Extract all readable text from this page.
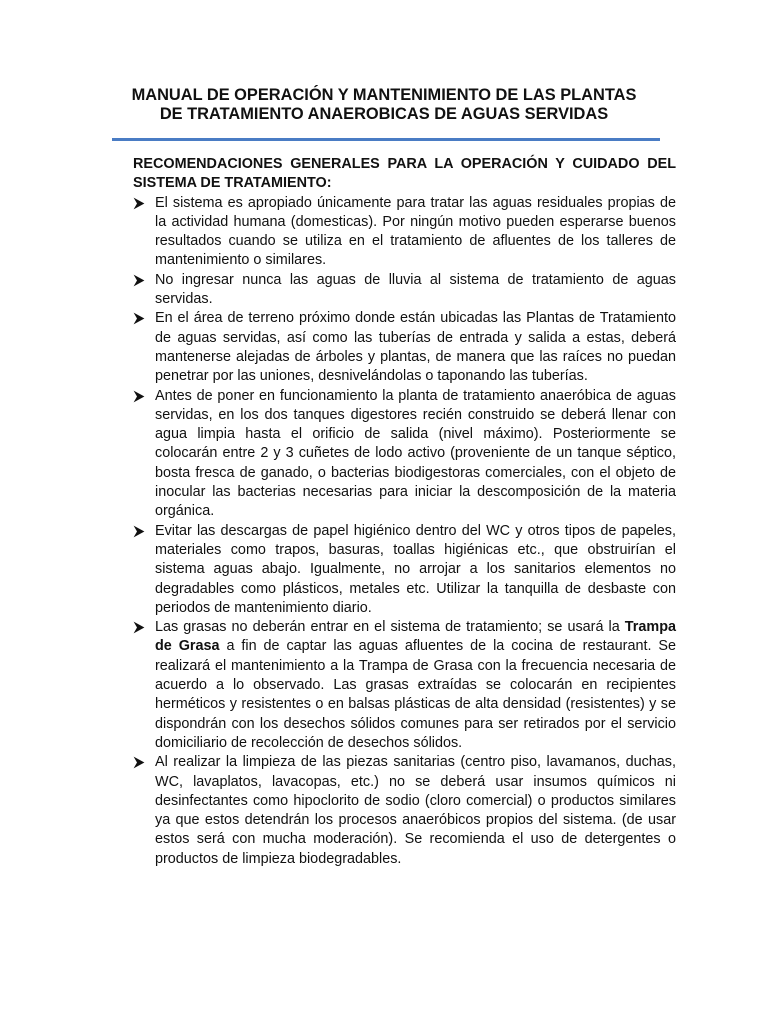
MANUAL DE OPERACIÓN Y MANTENIMIENTO DE LAS PLANTAS
DE TRATAMIENTO ANAEROBICAS DE AGUAS SERVIDAS

RECOMENDACIONES GENERALES PARA LA OPERACIÓN Y CUIDADO DEL SISTEMA DE TRATAMIENTO:

El sistema es apropiado únicamente para tratar las aguas residuales propias de la actividad humana (domesticas). Por ningún motivo pueden esperarse buenos resultados cuando se utiliza en el tratamiento de afluentes de los talleres de mantenimiento o similares.
No ingresar nunca las aguas de lluvia al sistema de tratamiento de aguas servidas.
En el área de terreno próximo donde están ubicadas las Plantas de Tratamiento de aguas servidas, así como las tuberías de entrada y salida a estas, deberá mantenerse alejadas de árboles y plantas, de manera que las raíces no puedan penetrar por las uniones, desnivelándolas o taponando las tuberías.
Antes de poner en funcionamiento la planta de tratamiento anaeróbica de aguas servidas, en los dos tanques digestores recién construido se deberá llenar con agua limpia hasta el orificio de salida (nivel máximo). Posteriormente se colocarán entre 2 y 3 cuñetes de lodo activo (proveniente de un tanque séptico, bosta fresca de ganado, o bacterias biodigestoras comerciales, con el objeto de inocular las bacterias necesarias para iniciar la descomposición de la materia orgánica.
Evitar las descargas de papel higiénico dentro del WC y otros tipos de papeles, materiales como trapos, basuras, toallas higiénicas etc., que obstruirían el sistema aguas abajo. Igualmente, no arrojar a los sanitarios elementos no degradables como plásticos, metales etc. Utilizar la tanquilla de desbaste con periodos de mantenimiento diario.
Las grasas no deberán entrar en el sistema de tratamiento; se usará la Trampa de Grasa a fin de captar las aguas afluentes de la cocina de restaurant. Se realizará el mantenimiento a la Trampa de Grasa con la frecuencia necesaria de acuerdo a lo observado. Las grasas extraídas se colocarán en recipientes herméticos y resistentes o en balsas plásticas de alta densidad (resistentes) y se dispondrán con los desechos sólidos comunes para ser retirados por el servicio domiciliario de recolección de desechos sólidos.
Al realizar la limpieza de las piezas sanitarias (centro piso, lavamanos, duchas, WC, lavaplatos, lavacopas, etc.) no se deberá usar insumos químicos ni desinfectantes como hipoclorito de sodio (cloro comercial) o productos similares ya que estos detendrán los procesos anaeróbicos propios del sistema. (de usar estos será con mucha moderación). Se recomienda el uso de detergentes o productos de limpieza biodegradables.
